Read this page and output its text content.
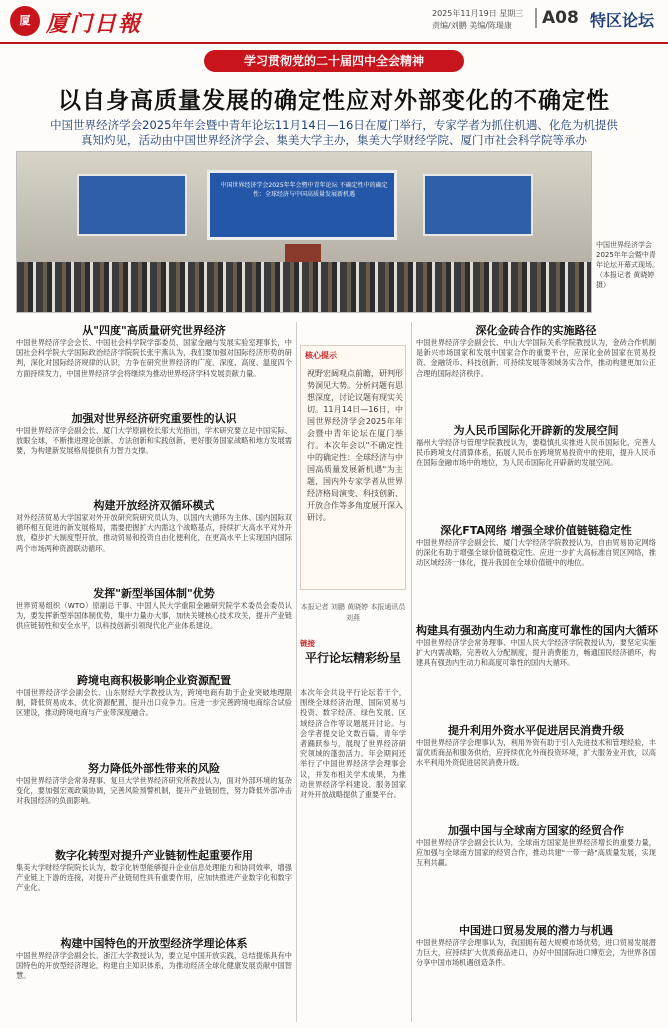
厦 厦门日報	2025年11月19日 星期三
责编/刘鹏 美编/陈瑞康	A08 特区论坛
学习贯彻党的二十届四中全会精神
以自身高质量发展的确定性应对外部变化的不确定性
中国世界经济学会2025年年会暨中青年论坛11月14日—16日在厦门举行，专家学者为抓住机遇、化危为机提供真知灼见，活动由中国世界经济学会、集美大学主办，集美大学财经学院、厦门市社会科学院等承办
中国世界经济学会2025年年会暨中青年论坛 不确定性中的确定性：全球经济与中国高质量发展新机遇
中国世界经济学会2025年年会暨中青年论坛开幕式现场。（本报记者 黄晓婷 摄）
从"四度"高质量研究世界经济
中国世界经济学会会长、中国社会科学院学部委员、国家金融与发展实验室理事长，中国社会科学院大学国际政治经济学院院长张宇燕认为，我们要加强对国际经济形势的研判，深化对国际经济规律的认识，力争在研究世界经济的广度、深度、高度、温度四个方面持续发力，中国世界经济学会将继续为推动世界经济学科发展贡献力量。
加强对世界经济研究重要性的认识
中国世界经济学会副会长、厦门大学原副校长邬大光指出，学术研究要立足中国实际、放眼全球，不断推进理论创新、方法创新和实践创新，更好服务国家战略和地方发展需要，为构建新发展格局提供有力智力支撑。
构建开放经济双循环模式
对外经济贸易大学国家对外开放研究院研究员认为，以国内大循环为主体、国内国际双循环相互促进的新发展格局，需要把握扩大内需这个战略基点，持续扩大高水平对外开放，稳步扩大制度型开放，推动贸易和投资自由化便利化，在更高水平上实现国内国际两个市场两种资源联动循环。
发挥"新型举国体制"优势
世界贸易组织（WTO）原副总干事、中国人民大学重阳金融研究院学术委员会委员认为，要发挥新型举国体制优势，集中力量办大事，加快关键核心技术攻关，提升产业链供应链韧性和安全水平，以科技创新引领现代化产业体系建设。
跨境电商积极影响企业资源配置
中国世界经济学会副会长、山东财经大学教授认为，跨境电商有助于企业突破地理限制，降低贸易成本，优化资源配置，提升出口竞争力。应进一步完善跨境电商综合试验区建设，推动跨境电商与产业带深度融合。
努力降低外部性带来的风险
中国世界经济学会常务理事、复旦大学世界经济研究所教授认为，面对外部环境的复杂变化，要加强宏观政策协调，完善风险预警机制，提升产业链韧性，努力降低外部冲击对我国经济的负面影响。
数字化转型对提升产业链韧性起重要作用
集美大学财经学院院长认为，数字化转型能够提升企业信息处理能力和协同效率，增强产业链上下游的连接，对提升产业链韧性具有重要作用，应加快推进产业数字化和数字产业化。
构建中国特色的开放型经济学理论体系
中国世界经济学会副会长、浙江大学教授认为，要立足中国开放实践，总结提炼具有中国特色的开放型经济理论，构建自主知识体系，为推动经济全球化健康发展贡献中国智慧。
核心提示
视野宏阔观点前瞻，研判形势洞见大势。分析问题有思想深度，讨论议题有现实关切。11月14日—16日，中国世界经济学会2025年年会暨中青年论坛在厦门举行。本次年会以"不确定性中的确定性：全球经济与中国高质量发展新机遇"为主题，国内外专家学者从世界经济格局演变、科技创新、开放合作等多角度展开深入研讨。
本报记者 刘鹏 黄晓婷 本报通讯员 刘燕
链接
平行论坛精彩纷呈
本次年会共设平行论坛若干个，围绕全球经济治理、国际贸易与投资、数字经济、绿色发展、区域经济合作等议题展开讨论。与会学者提交论文数百篇，青年学者踊跃参与，展现了世界经济研究领域的蓬勃活力。年会期间还举行了中国世界经济学会理事会议，并发布相关学术成果，为推动世界经济学科建设、服务国家对外开放战略提供了重要平台。
深化金砖合作的实施路径
中国世界经济学会副会长、中山大学国际关系学院教授认为，金砖合作机制是新兴市场国家和发展中国家合作的重要平台，应深化金砖国家在贸易投资、金融货币、科技创新、可持续发展等领域务实合作，推动构建更加公正合理的国际经济秩序。
为人民币国际化开辟新的发展空间
福州大学经济与管理学院教授认为，要稳慎扎实推进人民币国际化，完善人民币跨境支付清算体系，拓展人民币在跨境贸易投资中的使用，提升人民币在国际金融市场中的地位，为人民币国际化开辟新的发展空间。
深化FTA网络 增强全球价值链链稳定性
中国世界经济学会副会长、厦门大学经济学院教授认为，自由贸易协定网络的深化有助于增强全球价值链稳定性。应进一步扩大高标准自贸区网络，推动区域经济一体化，提升我国在全球价值链中的地位。
构建具有强劲内生动力和高度可靠性的国内大循环
中国世界经济学会常务理事、中国人民大学经济学院教授认为，要坚定实施扩大内需战略，完善收入分配制度，提升消费能力，畅通国民经济循环，构建具有强劲内生动力和高度可靠性的国内大循环。
提升利用外资水平促进居民消费升级
中国世界经济学会理事认为，利用外资有助于引入先进技术和管理经验，丰富优质商品和服务供给，应持续优化外商投资环境，扩大服务业开放，以高水平利用外资促进居民消费升级。
加强中国与全球南方国家的经贸合作
中国世界经济学会副会长认为，全球南方国家是世界经济增长的重要力量，应加强与全球南方国家的经贸合作，推动共建"一带一路"高质量发展，实现互利共赢。
中国进口贸易发展的潜力与机遇
中国世界经济学会理事认为，我国拥有超大规模市场优势，进口贸易发展潜力巨大，应持续扩大优质商品进口，办好中国国际进口博览会，为世界各国分享中国市场机遇创造条件。
